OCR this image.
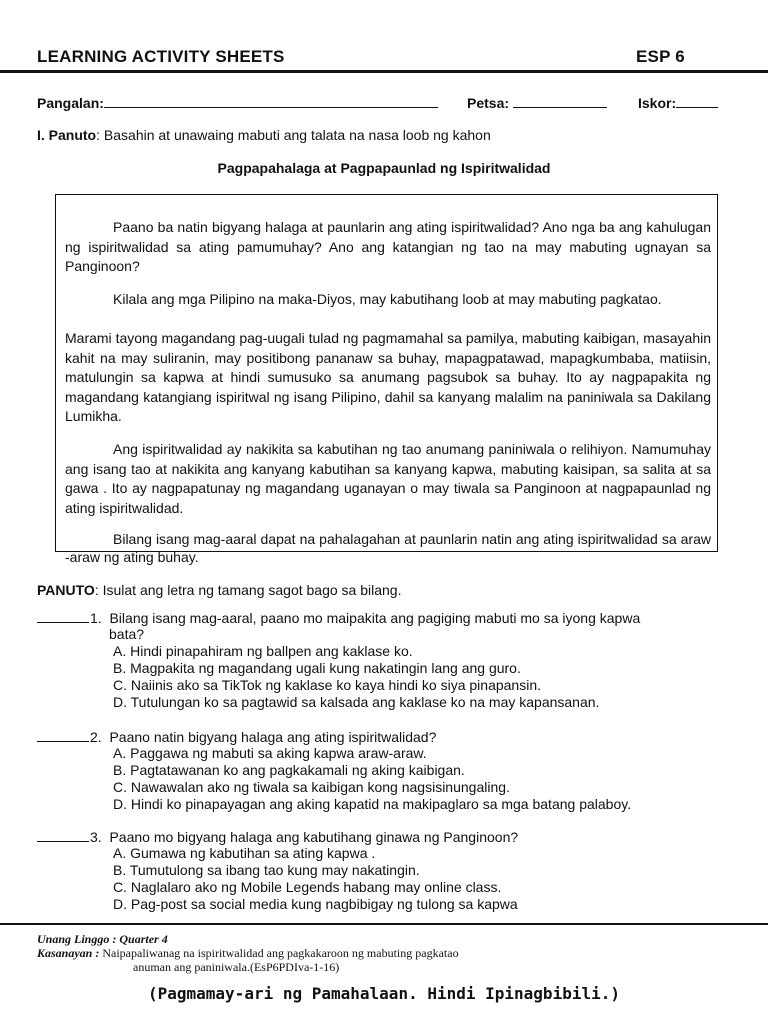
LEARNING ACTIVITY SHEETS	ESP 6
Pangalan:	Petsa:	Iskor:
I. Panuto: Basahin at unawaing mabuti ang talata na nasa loob ng kahon
Pagpapahalaga at Pagpapaunlad ng Ispiritwalidad

Paano ba natin bigyang halaga at paunlarin ang ating ispiritwalidad? Ano nga ba ang kahulugan ng ispiritwalidad sa ating pamumuhay? Ano ang katangian ng tao na may mabuting ugnayan sa Panginoon?

Kilala ang mga Pilipino na maka-Diyos, may kabutihang loob at may mabuting pagkatao.

Marami tayong magandang pag-uugali tulad ng pagmamahal sa pamilya, mabuting kaibigan, masayahin kahit na may suliranin, may positibong pananaw sa buhay, mapagpatawad, mapagkumbaba, matiisin, matulungin sa kapwa at hindi sumusuko sa anumang pagsubok sa buhay. Ito ay nagpapakita ng magandang katangiang ispiritwal ng isang Pilipino, dahil sa kanyang malalim na paniniwala sa Dakilang Lumikha.

Ang ispiritwalidad ay nakikita sa kabutihan ng tao anumang paniniwala o relihiyon. Namumuhay ang isang tao at nakikita ang kanyang kabutihan sa kanyang kapwa, mabuting kaisipan, sa salita at sa gawa . Ito ay nagpapatunay ng magandang uganayan o may tiwala sa Panginoon at nagpapaunlad ng ating ispiritwalidad.

Bilang isang mag-aaral dapat na pahalagahan at paunlarin natin ang ating ispiritwalidad sa araw -araw ng ating buhay.

PANUTO: Isulat ang letra ng tamang sagot bago sa bilang.
1. Bilang isang mag-aaral, paano mo maipakita ang pagiging mabuti mo sa iyong kapwa
bata?
A. Hindi pinapahiram ng ballpen ang kaklase ko.
B. Magpakita ng magandang ugali kung nakatingin lang ang guro.
C. Naiinis ako sa TikTok ng kaklase ko kaya hindi ko siya pinapansin.
D. Tutulungan ko sa pagtawid sa kalsada ang kaklase ko na may kapansanan.
2. Paano natin bigyang halaga ang ating ispiritwalidad?
A. Paggawa ng mabuti sa aking kapwa araw-araw.
B. Pagtatawanan ko ang pagkakamali ng aking kaibigan.
C. Nawawalan ako ng tiwala sa kaibigan kong nagsisinungaling.
D. Hindi ko pinapayagan ang aking kapatid na makipaglaro sa mga batang palaboy.
3. Paano mo bigyang halaga ang kabutihang ginawa ng Panginoon?
A. Gumawa ng kabutihan sa ating kapwa .
B. Tumutulong sa ibang tao kung may nakatingin.
C. Naglalaro ako ng Mobile Legends habang may online class.
D. Pag-post sa social media kung nagbibigay ng tulong sa kapwa
Unang Linggo : Quarter 4
Kasanayan : Naipapaliwanag na ispiritwalidad ang pagkakaroon ng mabuting pagkatao
anuman ang paniniwala.(EsP6PDIva-1-16)
(Pagmamay-ari ng Pamahalaan. Hindi Ipinagbibili.)
